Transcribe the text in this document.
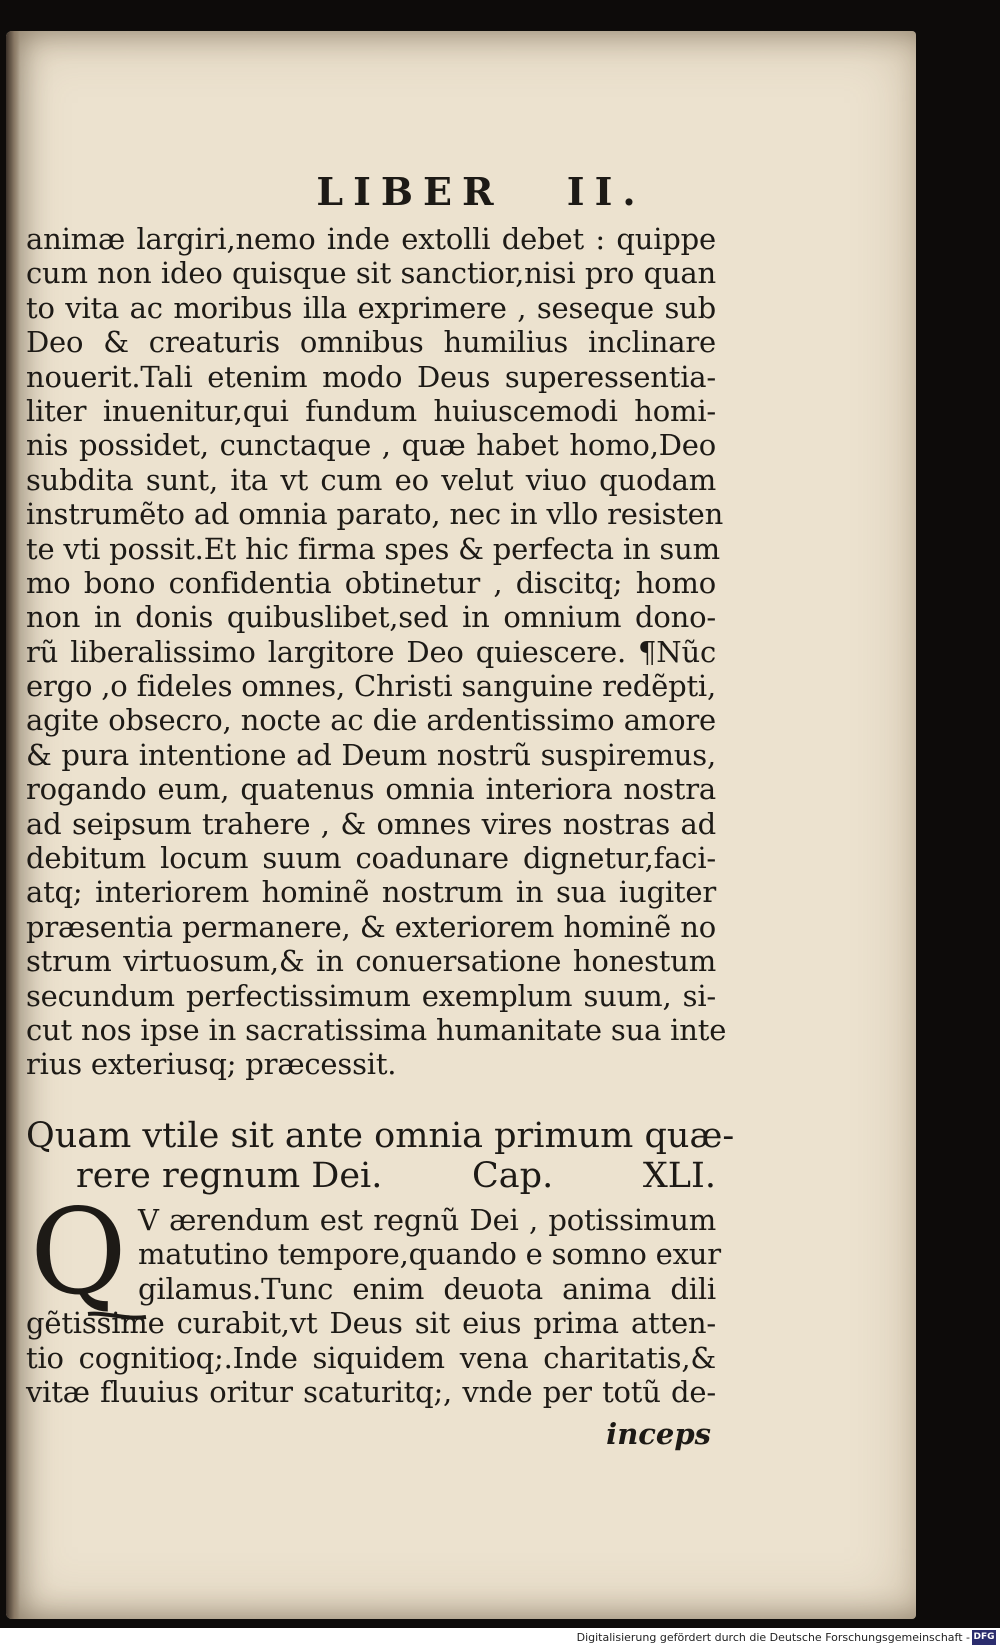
LIBER II.
animæ largiri,nemo inde extolli debet : quippe
cum non ideo quisque sit sanctior,nisi pro quan
to vita ac moribus illa exprimere , seseque sub
Deo & creaturis omnibus humilius inclinare
nouerit.Tali etenim modo Deus superessentia-
liter inuenitur,qui fundum huiuscemodi homi-
nis possidet, cunctaque , quæ habet homo,Deo
subdita sunt, ita vt cum eo velut viuo quodam
instrumẽto ad omnia parato, nec in vllo resisten
te vti possit.Et hic firma spes & perfecta in sum
mo bono confidentia obtinetur , discitq; homo
non in donis quibuslibet,sed in omnium dono-
rũ liberalissimo largitore Deo quiescere. ¶Nũc
ergo ,o fideles omnes, Christi sanguine redẽpti,
agite obsecro, nocte ac die ardentissimo amore
& pura intentione ad Deum nostrũ suspiremus,
rogando eum, quatenus omnia interiora nostra
ad seipsum trahere , & omnes vires nostras ad
debitum locum suum coadunare dignetur,faci-
atq; interiorem hominẽ nostrum in sua iugiter
præsentia permanere, & exteriorem hominẽ no
strum virtuosum,& in conuersatione honestum
secundum perfectissimum exemplum suum, si-
cut nos ipse in sacratissima humanitate sua inte
rius exteriusq; præcessit.
Quam vtile sit ante omnia primum quæ-
rere regnum Dei.	Cap.	XLI.
Q V ærendum est regnũ Dei , potissimum
matutino tempore,quando e somno exur
gilamus.Tunc enim deuota anima dili
gẽtissime curabit,vt Deus sit eius prima atten-
tio cognitioq;.Inde siquidem vena charitatis,&
vitæ fluuius oritur scaturitq;, vnde per totũ de-

inceps

Digitalisierung gefördert durch die Deutsche Forschungsgemeinschaft - DFG
